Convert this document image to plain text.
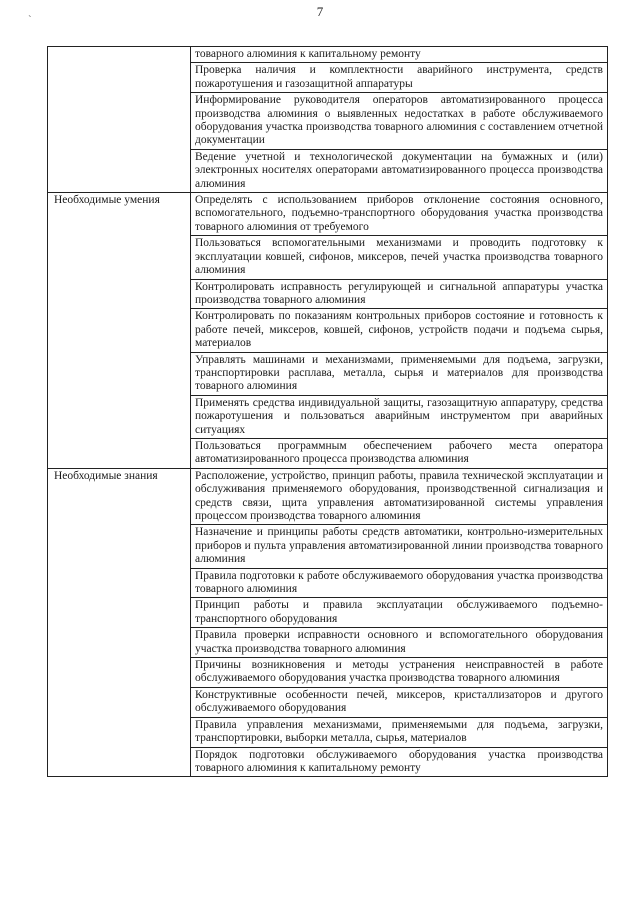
7
`
	товарного алюминия к капитальному ремонту
	Проверка наличия и комплектности аварийного инструмента, средств пожаротушения и газозащитной аппаратуры
	Информирование руководителя операторов автоматизированного процесса производства алюминия о выявленных недостатках в работе обслуживаемого оборудования участка производства товарного алюминия с составлением отчетной документации
	Ведение учетной и технологической документации на бумажных и (или) электронных носителях операторами автоматизированного процесса производства алюминия

Необходимые умения	Определять с использованием приборов отклонение состояния основного, вспомогательного, подъемно-транспортного оборудования участка производства товарного алюминия от требуемого
	Пользоваться вспомогательными механизмами и проводить подготовку к эксплуатации ковшей, сифонов, миксеров, печей участка производства товарного алюминия
	Контролировать исправность регулирующей и сигнальной аппаратуры участка производства товарного алюминия
	Контролировать по показаниям контрольных приборов состояние и готовность к работе печей, миксеров, ковшей, сифонов, устройств подачи и подъема сырья, материалов
	Управлять машинами и механизмами, применяемыми для подъема, загрузки, транспортировки расплава, металла, сырья и материалов для производства товарного алюминия
	Применять средства индивидуальной защиты, газозащитную аппаратуру, средства пожаротушения и пользоваться аварийным инструментом при аварийных ситуациях
	Пользоваться программным обеспечением рабочего места оператора автоматизированного процесса производства алюминия

Необходимые знания	Расположение, устройство, принцип работы, правила технической эксплуатации и обслуживания применяемого оборудования, производственной сигнализация и средств связи, щита управления автоматизированной системы управления процессом производства товарного алюминия
	Назначение и принципы работы средств автоматики, контрольно-измерительных приборов и пульта управления автоматизированной линии производства товарного алюминия
	Правила подготовки к работе обслуживаемого оборудования участка производства товарного алюминия
	Принцип работы и правила эксплуатации обслуживаемого подъемно-транспортного оборудования
	Правила проверки исправности основного и вспомогательного оборудования участка производства товарного алюминия
	Причины возникновения и методы устранения неисправностей в работе обслуживаемого оборудования участка производства товарного алюминия
	Конструктивные особенности печей, миксеров, кристаллизаторов и другого обслуживаемого оборудования
	Правила управления механизмами, применяемыми для подъема, загрузки, транспортировки, выборки металла, сырья, материалов
	Порядок подготовки обслуживаемого оборудования участка производства товарного алюминия к капитальному ремонту
